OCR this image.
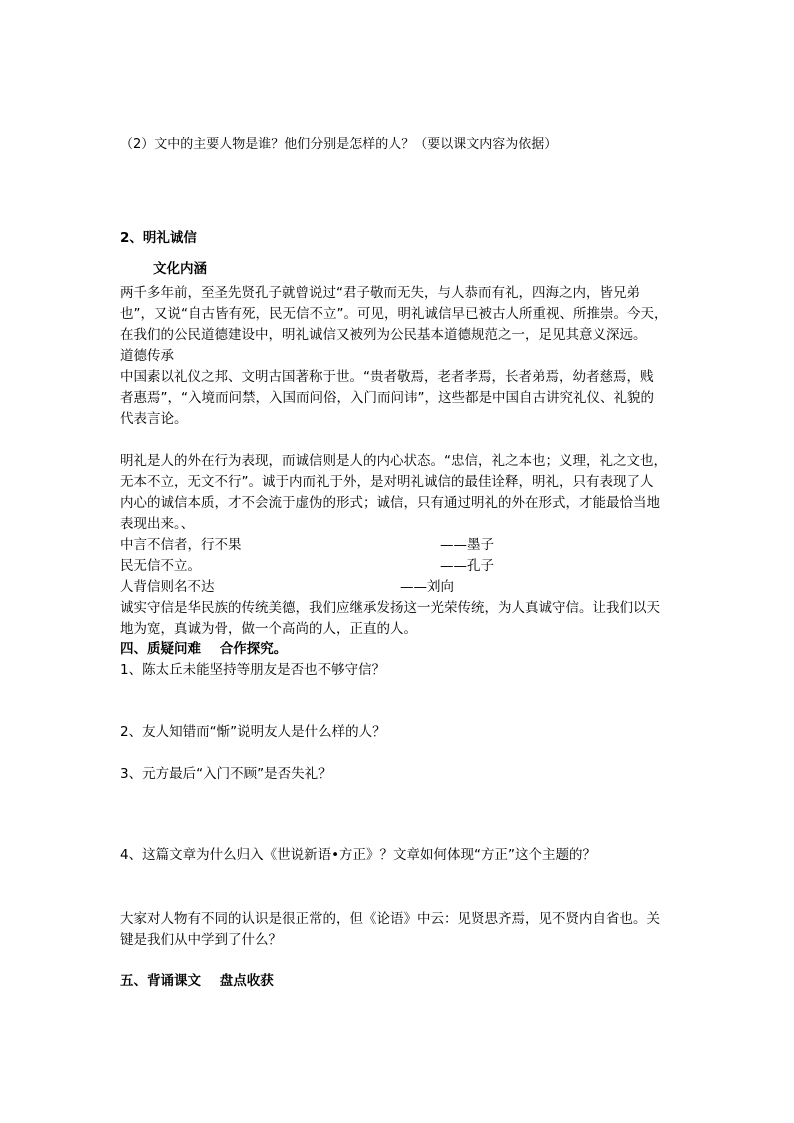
（2）文中的主要人物是谁？他们分别是怎样的人？（要以课文内容为依据）
2、明礼诚信
文化内涵
两千多年前，至圣先贤孔子就曾说过“君子敬而无失，与人恭而有礼，四海之内，皆兄弟
也”，又说“自古皆有死，民无信不立”。可见，明礼诚信早已被古人所重视、所推崇。今天，
在我们的公民道德建设中，明礼诚信又被列为公民基本道德规范之一，足见其意义深远。
道德传承
中国素以礼仪之邦、文明古国著称于世。“贵者敬焉，老者孝焉，长者弟焉，幼者慈焉，贱
者惠焉”，“入境而问禁，入国而问俗，入门而问讳”，这些都是中国自古讲究礼仪、礼貌的
代表言论。
明礼是人的外在行为表现，而诚信则是人的内心状态。“忠信，礼之本也；义理，礼之文也，
无本不立，无文不行”。诚于内而礼于外，是对明礼诚信的最佳诠释，明礼，只有表现了人
内心的诚信本质，才不会流于虚伪的形式；诚信，只有通过明礼的外在形式，才能最恰当地
表现出来。、
中言不信者，行不果	——墨子
民无信不立。	——孔子
人背信则名不达	——刘向
诚实守信是华民族的传统美德，我们应继承发扬这一光荣传统，为人真诚守信。让我们以天
地为宽，真诚为骨，做一个高尚的人，正直的人。
四、质疑问难    合作探究。
1、陈太丘未能坚持等朋友是否也不够守信？
2、友人知错而“惭”说明友人是什么样的人？
3、元方最后“入门不顾”是否失礼？
4、这篇文章为什么归入《世说新语•方正》？文章如何体现“方正”这个主题的？
大家对人物有不同的认识是很正常的，但《论语》中云：见贤思齐焉，见不贤内自省也。关
键是我们从中学到了什么？
五、背诵课文    盘点收获
